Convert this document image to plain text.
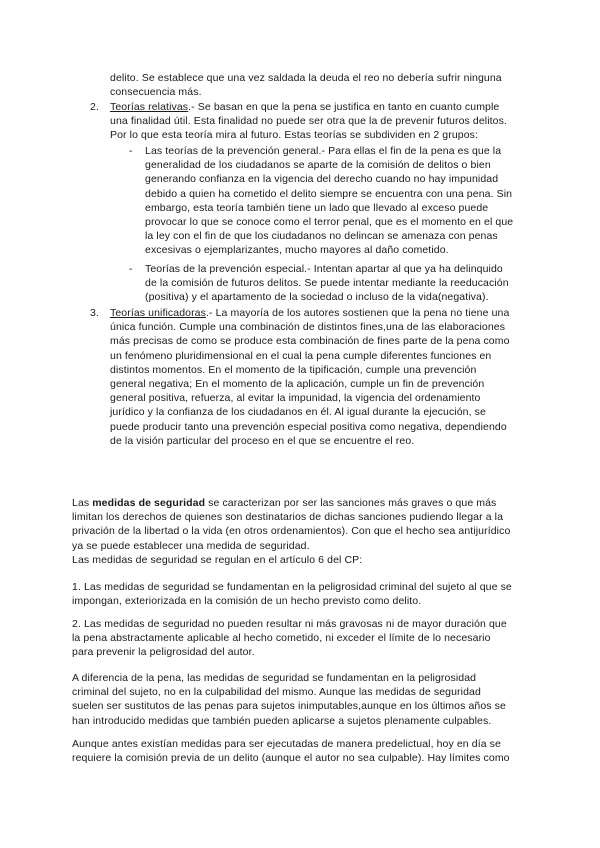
delito. Se establece que una vez saldada la deuda el reo no debería sufrir ninguna
consecuencia más.
2. Teorías relativas.- Se basan en que la pena se justifica en tanto en cuanto cumple
una finalidad útil. Esta finalidad no puede ser otra que la de prevenir futuros delitos.
Por lo que esta teoría mira al futuro. Estas teorías se subdividen en 2 grupos:
- Las teorías de la prevención general.- Para ellas el fin de la pena es que la
generalidad de los ciudadanos se aparte de la comisión de delitos o bien
generando confianza en la vigencia del derecho cuando no hay impunidad
debido a quien ha cometido el delito siempre se encuentra con una pena. Sin
embargo, esta teoría también tiene un lado que llevado al exceso puede
provocar lo que se conoce como el terror penal, que es el momento en el que
la ley con el fin de que los ciudadanos no delincan se amenaza con penas
excesivas o ejemplarizantes, mucho mayores al daño cometido.
- Teorías de la prevención especial.- Intentan apartar al que ya ha delinquido
de la comisión de futuros delitos. Se puede intentar mediante la reeducación
(positiva) y el apartamento de la sociedad o incluso de la vida(negativa).
3. Teorías unificadoras.- La mayoría de los autores sostienen que la pena no tiene una
única función. Cumple una combinación de distintos fines,una de las elaboraciones
más precisas de como se produce esta combinación de fines parte de la pena como
un fenómeno pluridimensional en el cual la pena cumple diferentes funciones en
distintos momentos. En el momento de la tipificación, cumple una prevención
general negativa; En el momento de la aplicación, cumple un fin de prevención
general positiva, refuerza, al evitar la impunidad, la vigencia del ordenamiento
jurídico y la confianza de los ciudadanos en él. Al igual durante la ejecución, se
puede producir tanto una prevención especial positiva como negativa, dependiendo
de la visión particular del proceso en el que se encuentre el reo.
Las medidas de seguridad se caracterizan por ser las sanciones más graves o que más
limitan los derechos de quienes son destinatarios de dichas sanciones pudiendo llegar a la
privación de la libertad o la vida (en otros ordenamientos). Con que el hecho sea antijurídico
ya se puede establecer una medida de seguridad.
Las medidas de seguridad se regulan en el artículo 6 del CP:
1. Las medidas de seguridad se fundamentan en la peligrosidad criminal del sujeto al que se
impongan, exteriorizada en la comisión de un hecho previsto como delito.
2. Las medidas de seguridad no pueden resultar ni más gravosas ni de mayor duración que
la pena abstractamente aplicable al hecho cometido, ni exceder el límite de lo necesario
para prevenir la peligrosidad del autor.
A diferencia de la pena, las medidas de seguridad se fundamentan en la peligrosidad
criminal del sujeto, no en la culpabilidad del mismo. Aunque las medidas de seguridad
suelen ser sustitutos de las penas para sujetos inimputables,aunque en los últimos años se
han introducido medidas que también pueden aplicarse a sujetos plenamente culpables.
Aunque antes existían medidas para ser ejecutadas de manera predelictual, hoy en día se
requiere la comisión previa de un delito (aunque el autor no sea culpable). Hay límites como
